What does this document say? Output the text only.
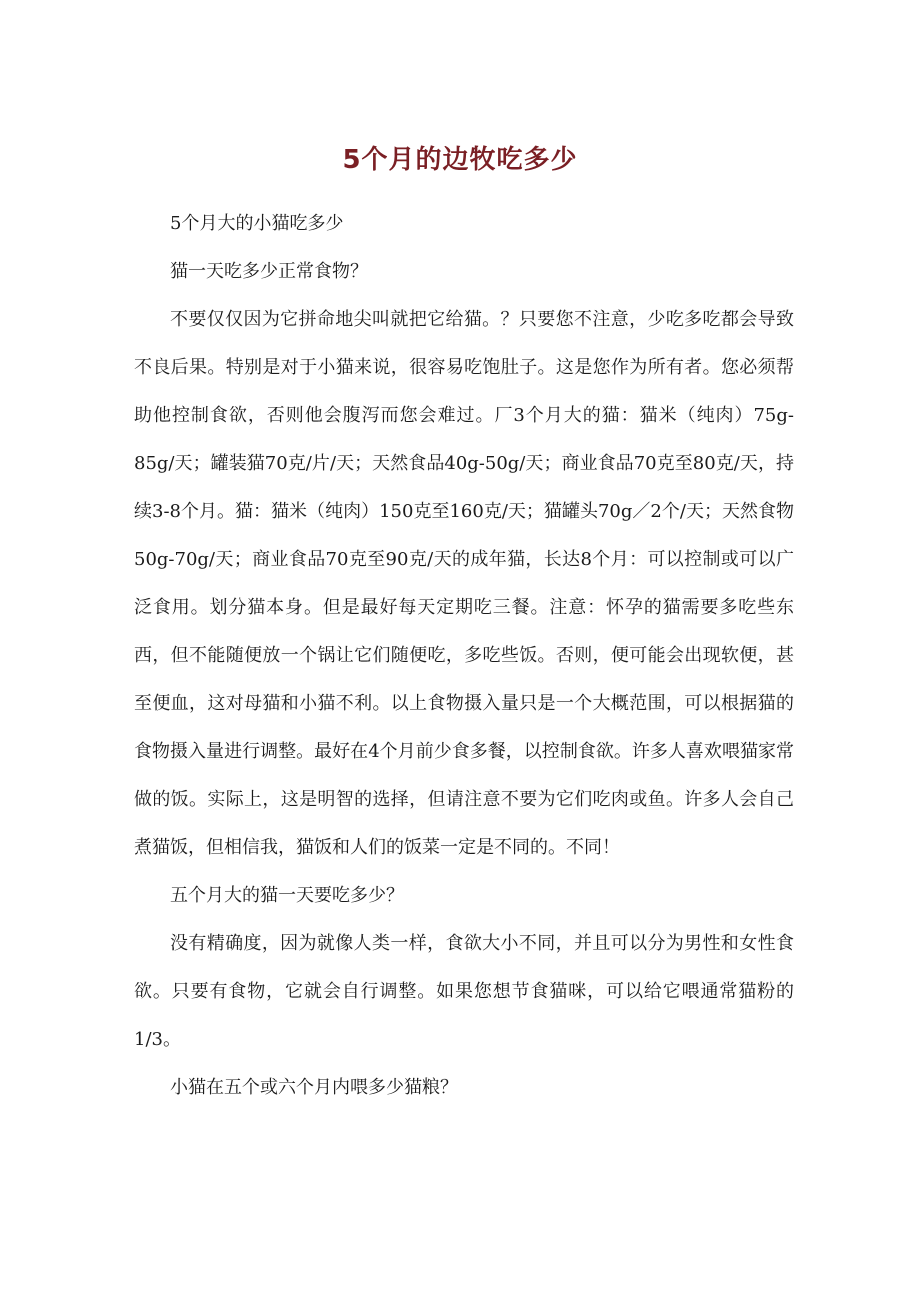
5个月的边牧吃多少

5个月大的小猫吃多少

猫一天吃多少正常食物？

不要仅仅因为它拼命地尖叫就把它给猫。？只要您不注意，少吃多吃都会导致不良后果。特别是对于小猫来说，很容易吃饱肚子。这是您作为所有者。您必须帮助他控制食欲，否则他会腹泻而您会难过。厂3个月大的猫：猫米（纯肉）75g-85g/天；罐装猫70克/片/天；天然食品40g-50g/天；商业食品70克至80克/天，持续3-8个月。猫：猫米（纯肉）150克至160克/天；猫罐头70g／2个/天；天然食物50g-70g/天；商业食品70克至90克/天的成年猫，长达8个月：可以控制或可以广泛食用。划分猫本身。但是最好每天定期吃三餐。注意：怀孕的猫需要多吃些东西，但不能随便放一个锅让它们随便吃，多吃些饭。否则，便可能会出现软便，甚至便血，这对母猫和小猫不利。以上食物摄入量只是一个大概范围，可以根据猫的食物摄入量进行调整。最好在4个月前少食多餐，以控制食欲。许多人喜欢喂猫家常做的饭。实际上，这是明智的选择，但请注意不要为它们吃肉或鱼。许多人会自己煮猫饭，但相信我，猫饭和人们的饭菜一定是不同的。不同！

五个月大的猫一天要吃多少？

没有精确度，因为就像人类一样，食欲大小不同，并且可以分为男性和女性食欲。只要有食物，它就会自行调整。如果您想节食猫咪，可以给它喂通常猫粉的1/3。

小猫在五个或六个月内喂多少猫粮？
